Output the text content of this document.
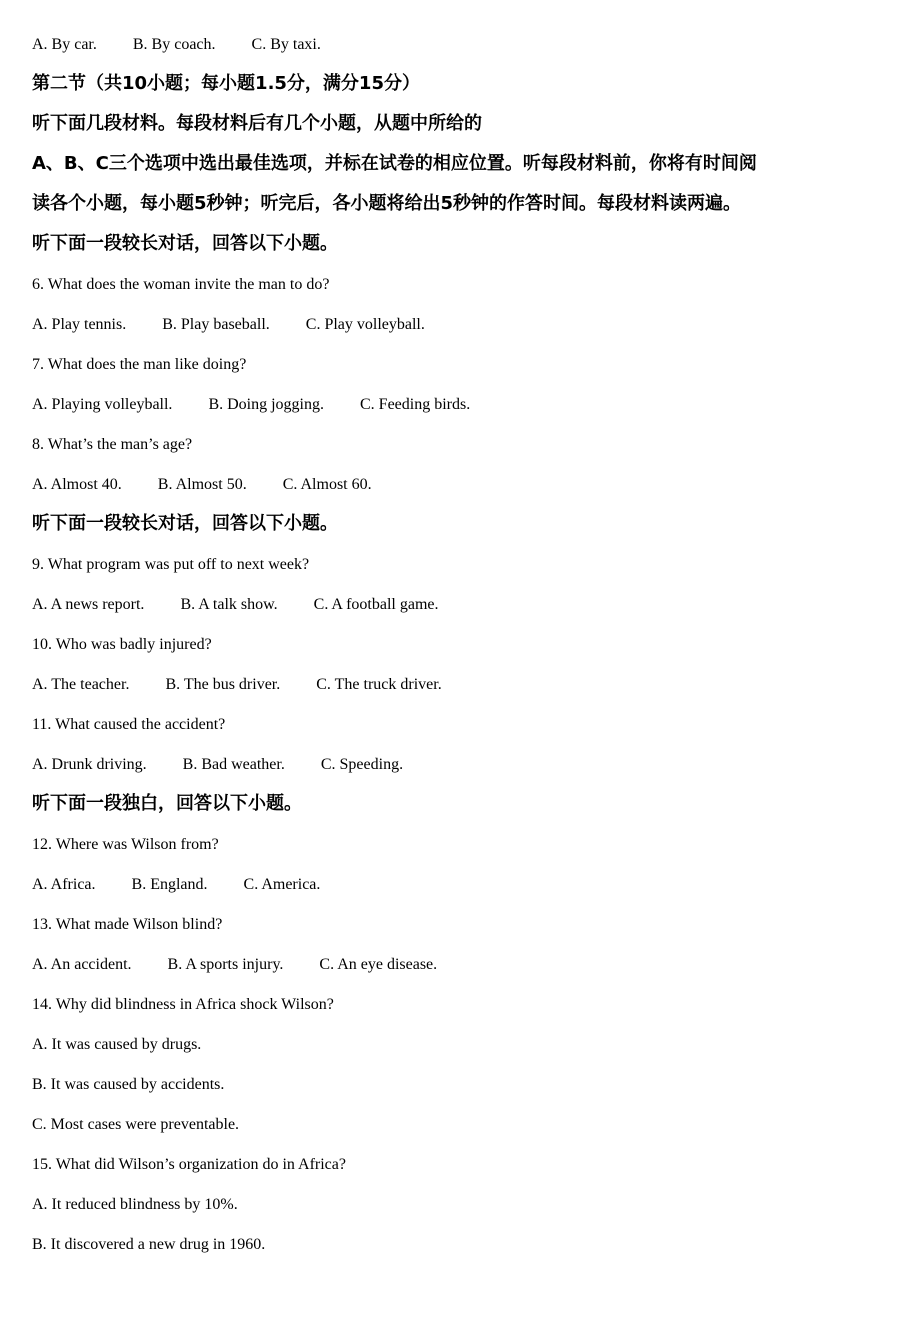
A. By car. B. By coach. C. By taxi.
第二节（共10小题；每小题1.5分，满分15分）
听下面几段材料。每段材料后有几个小题，从题中所给的
A、B、C三个选项中选出最佳选项，并标在试卷的相应位置。听每段材料前，你将有时间阅
读各个小题，每小题5秒钟；听完后，各小题将给出5秒钟的作答时间。每段材料读两遍。
听下面一段较长对话，回答以下小题。
6. What does the woman invite the man to do?
A. Play tennis. B. Play baseball. C. Play volleyball.
7. What does the man like doing?
A. Playing volleyball. B. Doing jogging. C. Feeding birds.
8. What’s the man’s age?
A. Almost 40. B. Almost 50. C. Almost 60.
听下面一段较长对话，回答以下小题。
9. What program was put off to next week?
A. A news report. B. A talk show. C. A football game.
10. Who was badly injured?
A. The teacher. B. The bus driver. C. The truck driver.
11. What caused the accident?
A. Drunk driving. B. Bad weather. C. Speeding.
听下面一段独白，回答以下小题。
12. Where was Wilson from?
A. Africa. B. England. C. America.
13. What made Wilson blind?
A. An accident. B. A sports injury. C. An eye disease.
14. Why did blindness in Africa shock Wilson?
A. It was caused by drugs.
B. It was caused by accidents.
C. Most cases were preventable.
15. What did Wilson’s organization do in Africa?
A. It reduced blindness by 10%.
B. It discovered a new drug in 1960.
